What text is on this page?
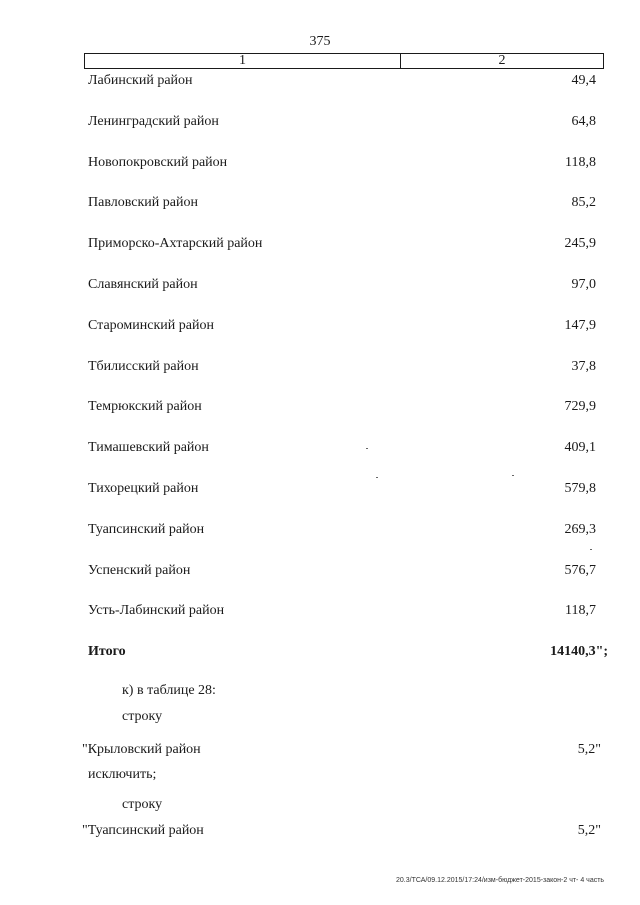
375
1	2
Лабинский район	49,4
Ленинградский район	64,8
Новопокровский район	118,8
Павловский район	85,2
Приморско-Ахтарский район	245,9
Славянский район	97,0
Староминский район	147,9
Тбилисский район	37,8
Темрюкский район	729,9
Тимашевский район	409,1
Тихорецкий район	579,8
Туапсинский район	269,3
Успенский район	576,7
Усть-Лабинский район	118,7
Итого	14140,3";
к) в таблице 28:
строку
"Крыловский район	5,2"
исключить;
строку
"Туапсинский район	5,2"
20.3/ТСА/09.12.2015/17:24/изм-бюджет-2015-закон-2 чт- 4 часть
